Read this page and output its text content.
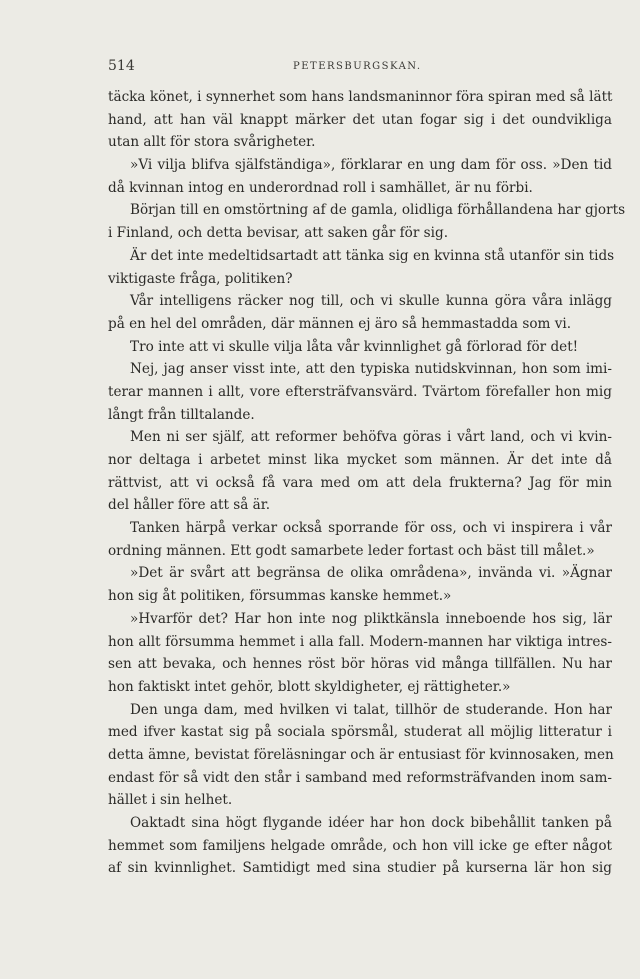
514	PETERSBURGSKAN.
täcka könet, i synnerhet som hans landsmaninnor föra spiran med så lätt
hand, att han väl knappt märker det utan fogar sig i det oundvikliga
utan allt för stora svårigheter.
»Vi vilja blifva själfständiga», förklarar en ung dam för oss. »Den tid
då kvinnan intog en underordnad roll i samhället, är nu förbi.
Början till en omstörtning af de gamla, olidliga förhållandena har gjorts
i Finland, och detta bevisar, att saken går för sig.
Är det inte medeltidsartadt att tänka sig en kvinna stå utanför sin tids
viktigaste fråga, politiken?
Vår intelligens räcker nog till, och vi skulle kunna göra våra inlägg
på en hel del områden, där männen ej äro så hemmastadda som vi.
Tro inte att vi skulle vilja låta vår kvinnlighet gå förlorad för det!
Nej, jag anser visst inte, att den typiska nutidskvinnan, hon som imi-
terar mannen i allt, vore eftersträfvansvärd. Tvärtom förefaller hon mig
långt från tilltalande.
Men ni ser själf, att reformer behöfva göras i vårt land, och vi kvin-
nor deltaga i arbetet minst lika mycket som männen. Är det inte då
rättvist, att vi också få vara med om att dela frukterna? Jag för min
del håller före att så är.
Tanken härpå verkar också sporrande för oss, och vi inspirera i vår
ordning männen. Ett godt samarbete leder fortast och bäst till målet.»
»Det är svårt att begränsa de olika områdena», invända vi. »Ägnar
hon sig åt politiken, försummas kanske hemmet.»
»Hvarför det? Har hon inte nog pliktkänsla inneboende hos sig, lär
hon allt försumma hemmet i alla fall. Modern-mannen har viktiga intres-
sen att bevaka, och hennes röst bör höras vid många tillfällen. Nu har
hon faktiskt intet gehör, blott skyldigheter, ej rättigheter.»
Den unga dam, med hvilken vi talat, tillhör de studerande. Hon har
med ifver kastat sig på sociala spörsmål, studerat all möjlig litteratur i
detta ämne, bevistat föreläsningar och är entusiast för kvinnosaken, men
endast för så vidt den står i samband med reformsträfvanden inom sam-
hället i sin helhet.
Oaktadt sina högt flygande idéer har hon dock bibehållit tanken på
hemmet som familjens helgade område, och hon vill icke ge efter något
af sin kvinnlighet. Samtidigt med sina studier på kurserna lär hon sig
